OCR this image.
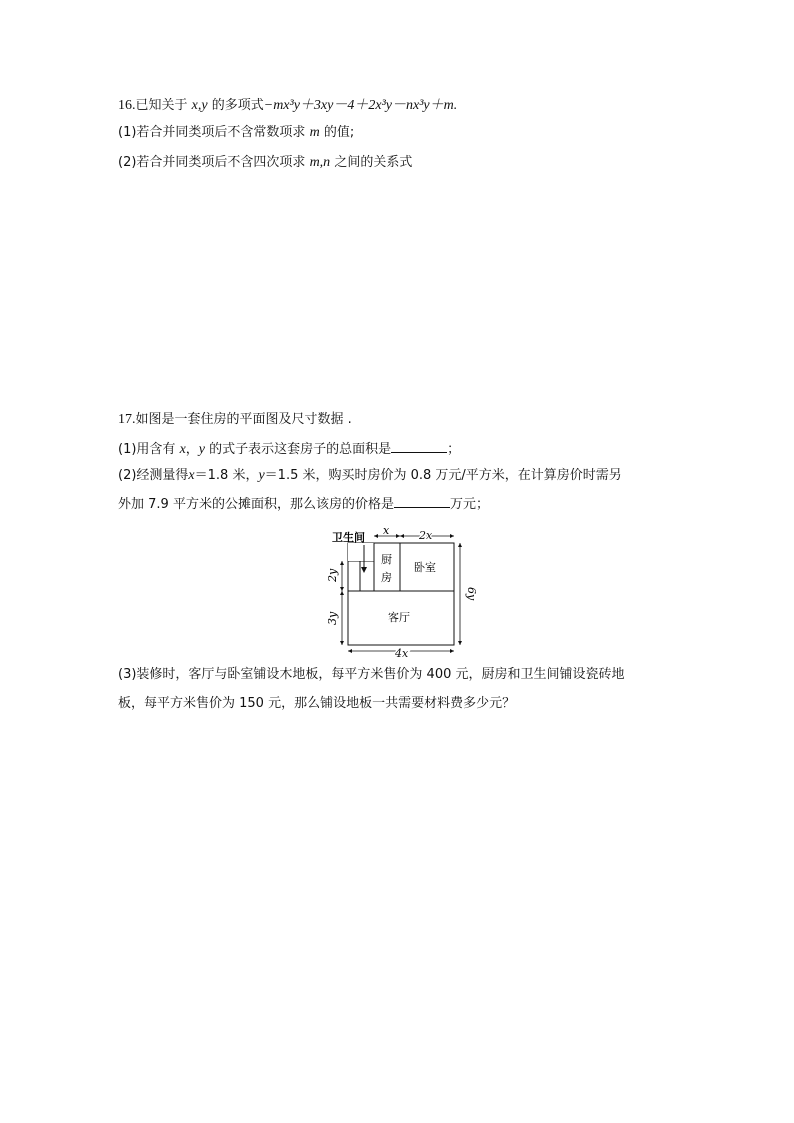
16.已知关于 x,y 的多项式−mx³y＋3xy－4＋2x³y－nx³y＋m.
(1)若合并同类项后不含常数项求 m 的值;
(2)若合并同类项后不含四次项求 m,n 之间的关系式
17.如图是一套住房的平面图及尺寸数据 .
(1)用含有 x，y 的式子表示这套房子的总面积是	；
(2)经测量得x＝1.8 米，y＝1.5 米，购买时房价为 0.8 万元/平方米，在计算房价时需另
外加 7.9 平方米的公摊面积，那么该房的价格是	万元；
卫生间
厨
房
卧室
客厅
x	2x
2y
3y
6y
4x
(3)装修时，客厅与卧室铺设木地板，每平方米售价为 400 元，厨房和卫生间铺设瓷砖地
板，每平方米售价为 150 元，那么铺设地板一共需要材料费多少元？
